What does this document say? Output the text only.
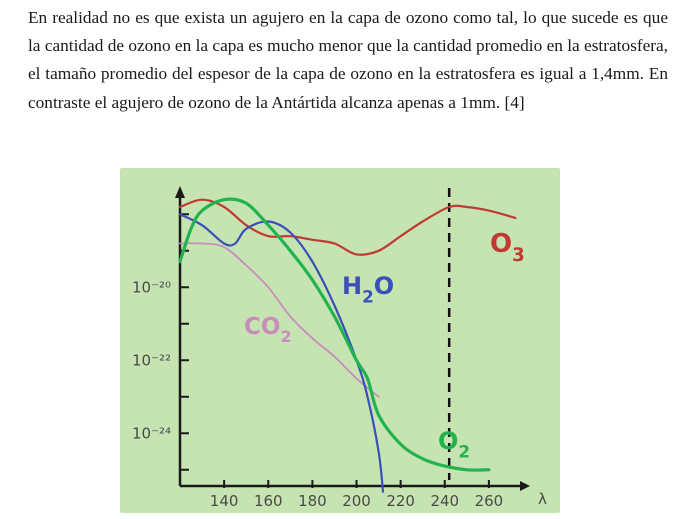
En realidad no es que exista un agujero en la capa de ozono como tal, lo que sucede es que la cantidad de ozono en la capa es mucho menor que la cantidad promedio en la estratosfera, el tamaño promedio del espesor de la capa de ozono en la estratosfera es igual a 1,4mm. En contraste el agujero de ozono de la Antártida alcanza apenas a 1mm. [4]

140 160 180 200 220 240 260 λ
10⁻²⁰
10⁻²²
10⁻²⁴
$O_3$
$H_2O$
$CO_2$
$O_2$
